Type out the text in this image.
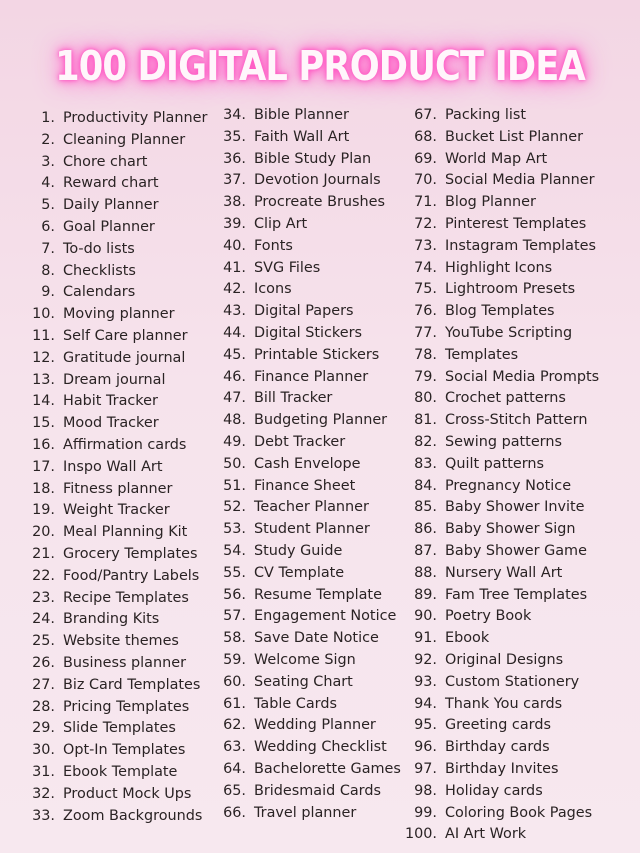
100 DIGITAL PRODUCT IDEA
1. Productivity Planner
2. Cleaning Planner
3. Chore chart
4. Reward chart
5. Daily Planner
6. Goal Planner
7. To-do lists
8. Checklists
9. Calendars
10. Moving planner
11. Self Care planner
12. Gratitude journal
13. Dream journal
14. Habit Tracker
15. Mood Tracker
16. Affirmation cards
17. Inspo Wall Art
18. Fitness planner
19. Weight Tracker
20. Meal Planning Kit
21. Grocery Templates
22. Food/Pantry Labels
23. Recipe Templates
24. Branding Kits
25. Website themes
26. Business planner
27. Biz Card Templates
28. Pricing Templates
29. Slide Templates
30. Opt-In Templates
31. Ebook Template
32. Product Mock Ups
33. Zoom Backgrounds
34. Bible Planner
35. Faith Wall Art
36. Bible Study Plan
37. Devotion Journals
38. Procreate Brushes
39. Clip Art
40. Fonts
41. SVG Files
42. Icons
43. Digital Papers
44. Digital Stickers
45. Printable Stickers
46. Finance Planner
47. Bill Tracker
48. Budgeting Planner
49. Debt Tracker
50. Cash Envelope
51. Finance Sheet
52. Teacher Planner
53. Student Planner
54. Study Guide
55. CV Template
56. Resume Template
57. Engagement Notice
58. Save Date Notice
59. Welcome Sign
60. Seating Chart
61. Table Cards
62. Wedding Planner
63. Wedding Checklist
64. Bachelorette Games
65. Bridesmaid Cards
66. Travel planner
67. Packing list
68. Bucket List Planner
69. World Map Art
70. Social Media Planner
71. Blog Planner
72. Pinterest Templates
73. Instagram Templates
74. Highlight Icons
75. Lightroom Presets
76. Blog Templates
77. YouTube Scripting
78. Templates
79. Social Media Prompts
80. Crochet patterns
81. Cross-Stitch Pattern
82. Sewing patterns
83. Quilt patterns
84. Pregnancy Notice
85. Baby Shower Invite
86. Baby Shower Sign
87. Baby Shower Game
88. Nursery Wall Art
89. Fam Tree Templates
90. Poetry Book
91. Ebook
92. Original Designs
93. Custom Stationery
94. Thank You cards
95. Greeting cards
96. Birthday cards
97. Birthday Invites
98. Holiday cards
99. Coloring Book Pages
100. AI Art Work
